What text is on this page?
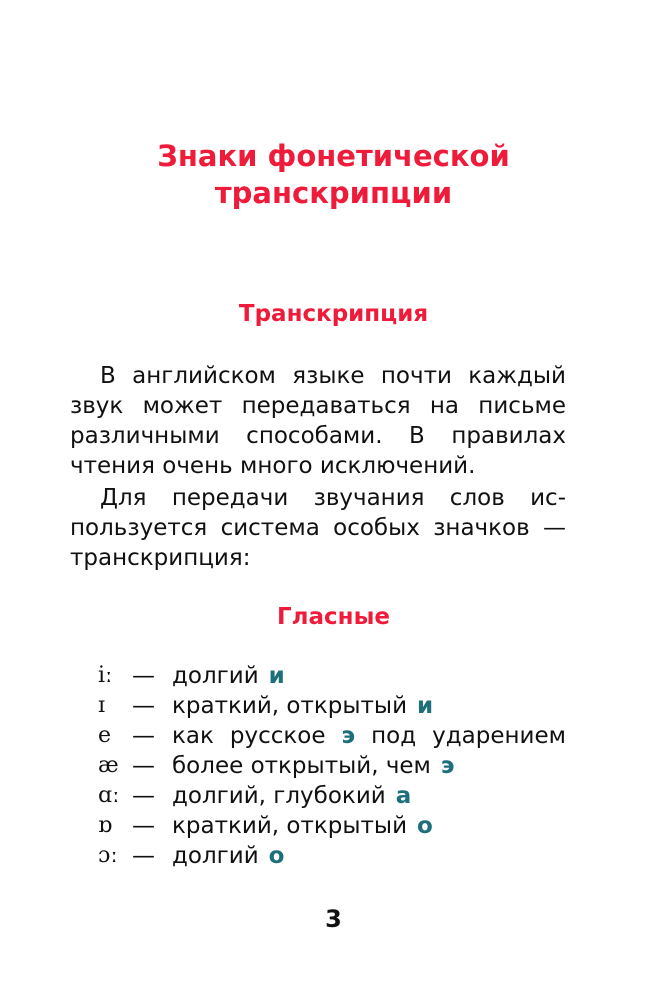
Знаки фонетической
транскрипции
Транскрипция

В английском языке почти каждый
звук может передаваться на письме
различными способами. В правилах
чтения очень много исключений.

Для передачи звучания слов ис-
пользуется система особых значков —
транскрипция:

Гласные
iː — долгий и
ɪ — краткий, открытый и
e — как русское э под ударением
æ — более открытый, чем э
ɑː — долгий, глубокий а
ɒ — краткий, открытый о
ɔː — долгий о
3
